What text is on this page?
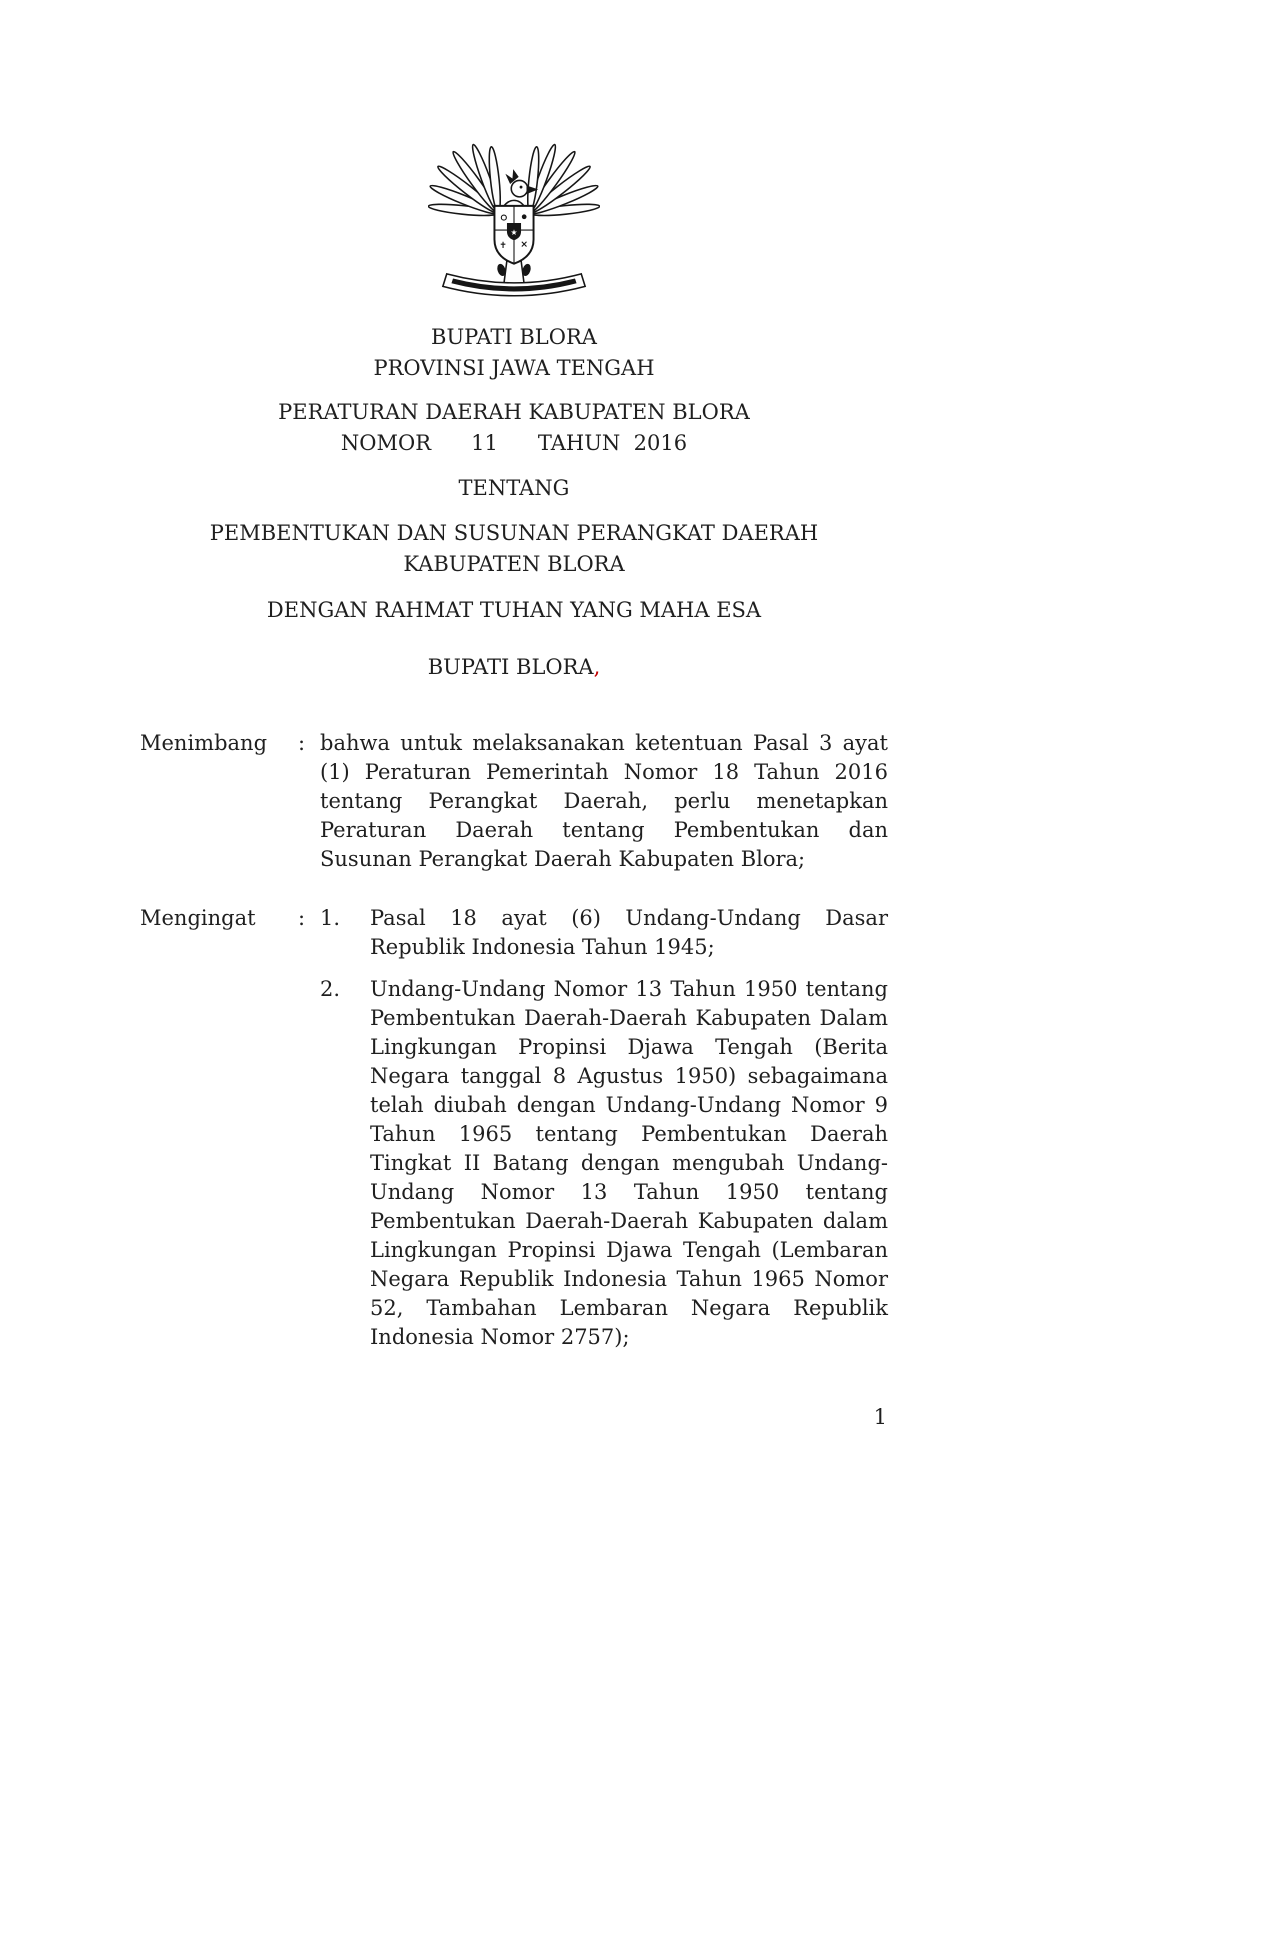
★
BUPATI BLORA
PROVINSI JAWA TENGAH
PERATURAN DAERAH KABUPATEN BLORA
NOMOR      11      TAHUN  2016
TENTANG
PEMBENTUKAN DAN SUSUNAN PERANGKAT DAERAH
KABUPATEN BLORA
DENGAN RAHMAT TUHAN YANG MAHA ESA
BUPATI BLORA,
Menimbang	: bahwa untuk melaksanakan ketentuan Pasal 3 ayat (1) Peraturan Pemerintah Nomor 18 Tahun 2016 tentang Perangkat Daerah, perlu menetapkan Peraturan Daerah tentang Pembentukan dan Susunan Perangkat Daerah Kabupaten Blora;
Mengingat	: 1.	Pasal 18 ayat (6) Undang-Undang Dasar Republik Indonesia Tahun 1945;
2.	Undang-Undang Nomor 13 Tahun 1950 tentang Pembentukan Daerah-Daerah Kabupaten Dalam Lingkungan Propinsi Djawa Tengah (Berita Negara tanggal 8 Agustus 1950) sebagaimana telah diubah dengan Undang-Undang Nomor 9 Tahun 1965 tentang Pembentukan Daerah Tingkat II Batang dengan mengubah Undang-Undang Nomor 13 Tahun 1950 tentang Pembentukan Daerah-Daerah Kabupaten dalam Lingkungan Propinsi Djawa Tengah (Lembaran Negara Republik Indonesia Tahun 1965 Nomor 52, Tambahan Lembaran Negara Republik Indonesia Nomor 2757);
1
